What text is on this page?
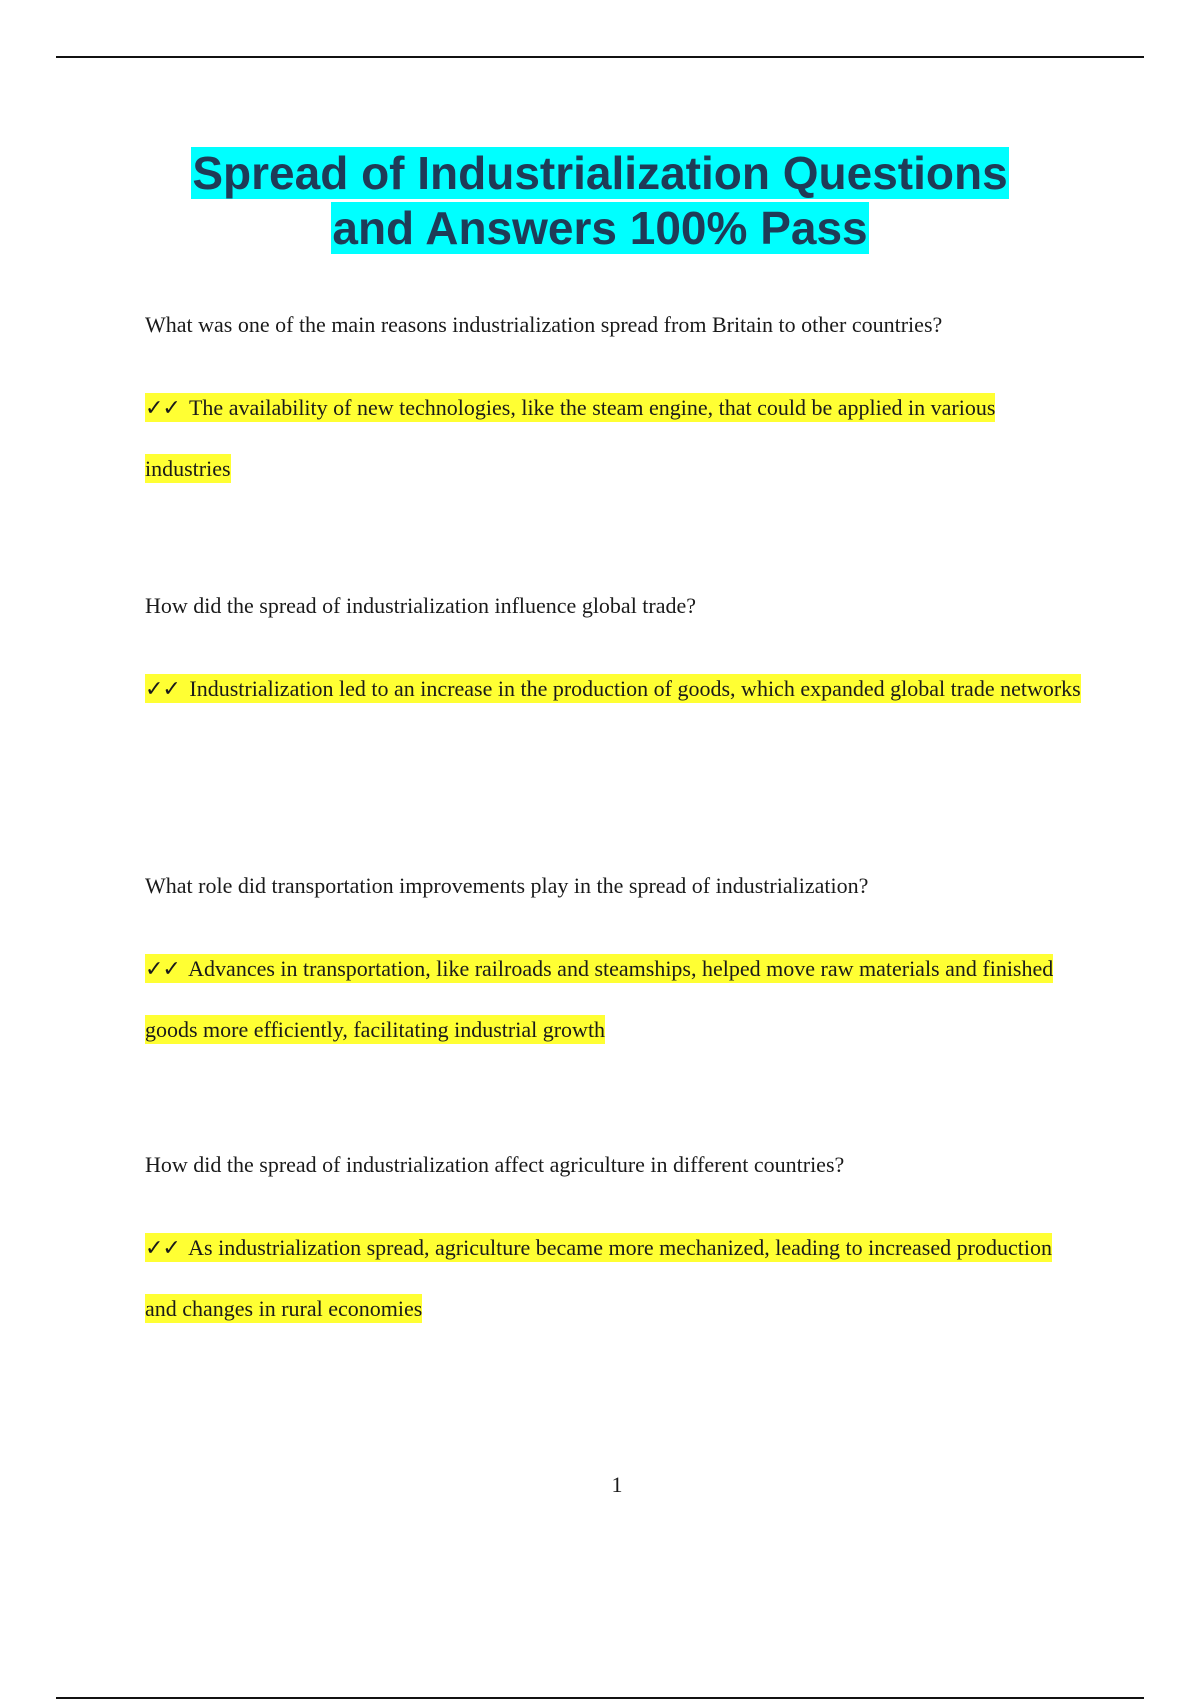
Spread of Industrialization Questions
and Answers 100% Pass

What was one of the main reasons industrialization spread from Britain to other countries?

✓✓ The availability of new technologies, like the steam engine, that could be applied in various industries

How did the spread of industrialization influence global trade?

✓✓ Industrialization led to an increase in the production of goods, which expanded global trade networks

What role did transportation improvements play in the spread of industrialization?

✓✓ Advances in transportation, like railroads and steamships, helped move raw materials and finished goods more efficiently, facilitating industrial growth

How did the spread of industrialization affect agriculture in different countries?

✓✓ As industrialization spread, agriculture became more mechanized, leading to increased production and changes in rural economies

1
